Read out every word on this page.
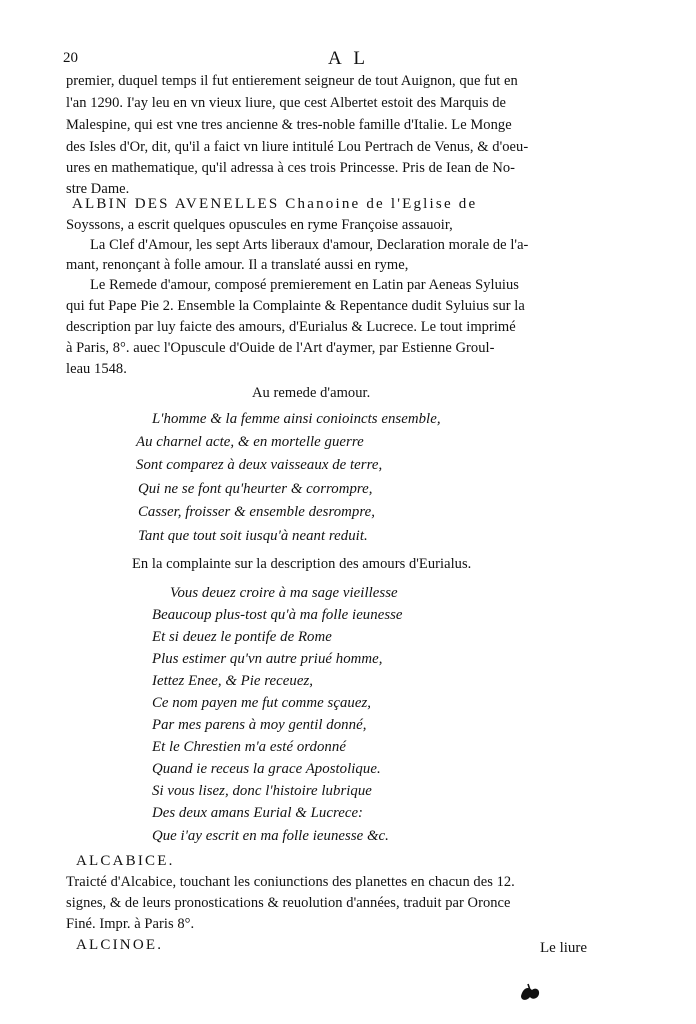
20	A L
premier, duquel temps il fut entierement seigneur de tout Auignon, que fut en
l'an 1290. I'ay leu en vn vieux liure, que cest Albertet estoit des Marquis de
Malespine, qui est vne tres ancienne & tres-noble famille d'Italie. Le Monge
des Isles d'Or, dit, qu'il a faict vn liure intitulé Lou Pertrach de Venus, & d'oeu-
ures en mathematique, qu'il adressa à ces trois Princesse. Pris de Iean de No-
stre Dame.
ALBIN DES AVENELLES Chanoine de l'Eglise de
Soyssons, a escrit quelques opuscules en ryme Françoise assauoir,
La Clef d'Amour, les sept Arts liberaux d'amour, Declaration morale de l'a-
mant, renonçant à folle amour. Il a translaté aussi en ryme,
Le Remede d'amour, composé premierement en Latin par Aeneas Syluius
qui fut Pape Pie 2. Ensemble la Complainte & Repentance dudit Syluius sur la
description par luy faicte des amours, d'Eurialus & Lucrece. Le tout imprimé
à Paris, 8°. auec l'Opuscule d'Ouide de l'Art d'aymer, par Estienne Groul-
leau 1548.
Au remede d'amour.
L'homme & la femme ainsi conioincts ensemble,
Au charnel acte, & en mortelle guerre
Sont comparez à deux vaisseaux de terre,
Qui ne se font qu'heurter & corrompre,
Casser, froisser & ensemble desrompre,
Tant que tout soit iusqu'à neant reduit.
En la complainte sur la description des amours d'Eurialus.
Vous deuez croire à ma sage vieillesse
Beaucoup plus-tost qu'à ma folle ieunesse
Et si deuez le pontife de Rome
Plus estimer qu'vn autre priué homme,
Iettez Enee, & Pie receuez,
Ce nom payen me fut comme sçauez,
Par mes parens à moy gentil donné,
Et le Chrestien m'a esté ordonné
Quand ie receus la grace Apostolique.
Si vous lisez, donc l'histoire lubrique
Des deux amans Eurial & Lucrece:
Que i'ay escrit en ma folle ieunesse &c.
ALCABICE.
Traicté d'Alcabice, touchant les coniunctions des planettes en chacun des 12.
signes, & de leurs pronostications & reuolution d'années, traduit par Oronce
Finé. Impr. à Paris 8°.
ALCINOE.	Le liure
